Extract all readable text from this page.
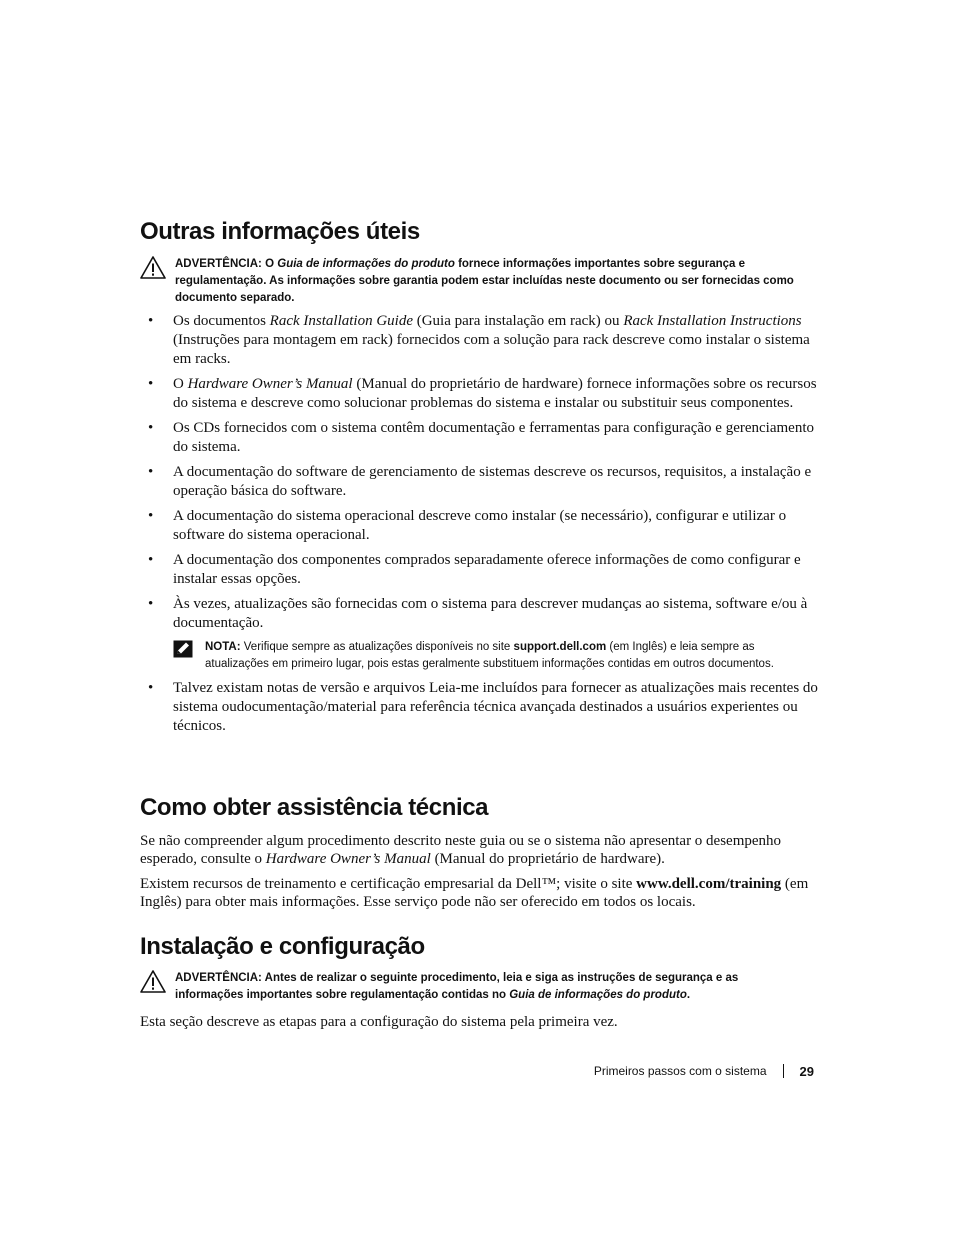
Outras informações úteis
ADVERTÊNCIA: O Guia de informações do produto fornece informações importantes sobre segurança e regulamentação. As informações sobre garantia podem estar incluídas neste documento ou ser fornecidas como documento separado.
• Os documentos Rack Installation Guide (Guia para instalação em rack) ou Rack Installation Instructions (Instruções para montagem em rack) fornecidos com a solução para rack descreve como instalar o sistema em racks.
• O Hardware Owner’s Manual (Manual do proprietário de hardware) fornece informações sobre os recursos do sistema e descreve como solucionar problemas do sistema e instalar ou substituir seus componentes.
• Os CDs fornecidos com o sistema contêm documentação e ferramentas para configuração e gerenciamento do sistema.
• A documentação do software de gerenciamento de sistemas descreve os recursos, requisitos, a instalação e operação básica do software.
• A documentação do sistema operacional descreve como instalar (se necessário), configurar e utilizar o software do sistema operacional.
• A documentação dos componentes comprados separadamente oferece informações de como configurar e instalar essas opções.
• Às vezes, atualizações são fornecidas com o sistema para descrever mudanças ao sistema, software e/ou à documentação.
NOTA: Verifique sempre as atualizações disponíveis no site support.dell.com (em Inglês) e leia sempre as atualizações em primeiro lugar, pois estas geralmente substituem informações contidas em outros documentos.
• Talvez existam notas de versão e arquivos Leia-me incluídos para fornecer as atualizações mais recentes do sistema oudocumentação/material para referência técnica avançada destinados a usuários experientes ou técnicos.
Como obter assistência técnica

Se não compreender algum procedimento descrito neste guia ou se o sistema não apresentar o desempenho esperado, consulte o Hardware Owner’s Manual (Manual do proprietário de hardware).

Existem recursos de treinamento e certificação empresarial da Dell™; visite o site www.dell.com/training (em Inglês) para obter mais informações. Esse serviço pode não ser oferecido em todos os locais.

Instalação e configuração
ADVERTÊNCIA: Antes de realizar o seguinte procedimento, leia e siga as instruções de segurança e as informações importantes sobre regulamentação contidas no Guia de informações do produto.

Esta seção descreve as etapas para a configuração do sistema pela primeira vez.

Primeiros passos com o sistema	29
